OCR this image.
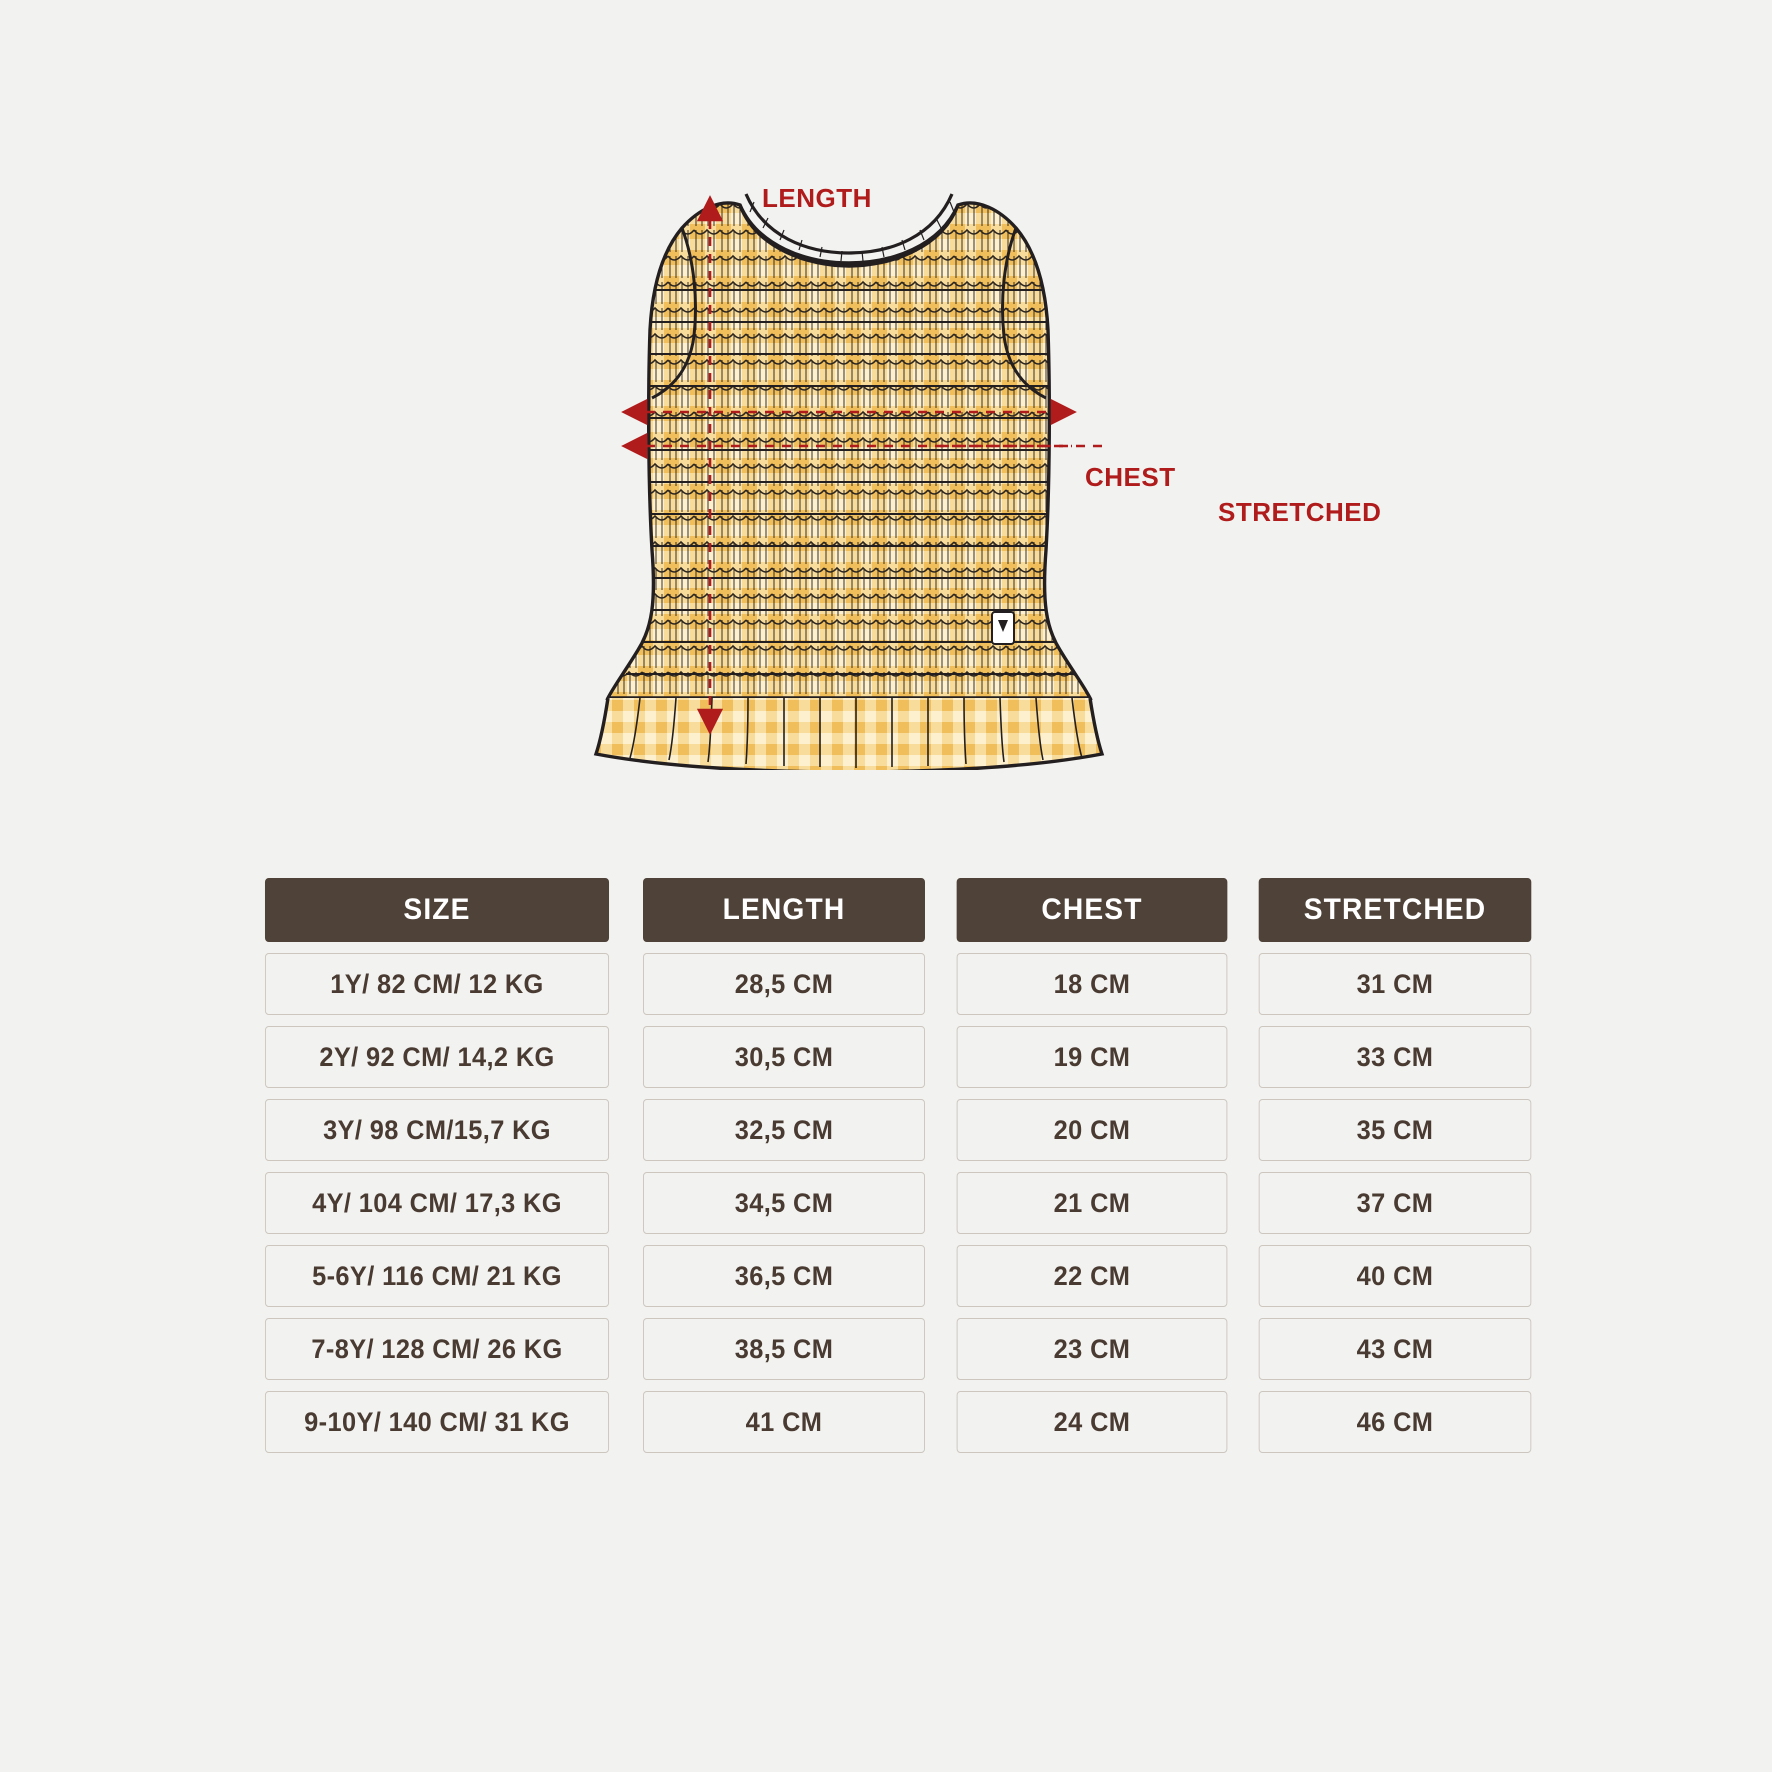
LENGTH
CHEST
STRETCHED
SIZE	LENGTH	CHEST	STRETCHED
1Y/ 82 CM/ 12 KG	28,5 CM	18 CM	31 CM
2Y/ 92 CM/ 14,2 KG	30,5 CM	19 CM	33 CM
3Y/ 98 CM/15,7 KG	32,5 CM	20 CM	35 CM
4Y/ 104 CM/ 17,3 KG	34,5 CM	21 CM	37 CM
5-6Y/ 116 CM/ 21 KG	36,5 CM	22 CM	40 CM
7-8Y/ 128 CM/ 26 KG	38,5 CM	23 CM	43 CM
9-10Y/ 140 CM/ 31 KG	41 CM	24 CM	46 CM
